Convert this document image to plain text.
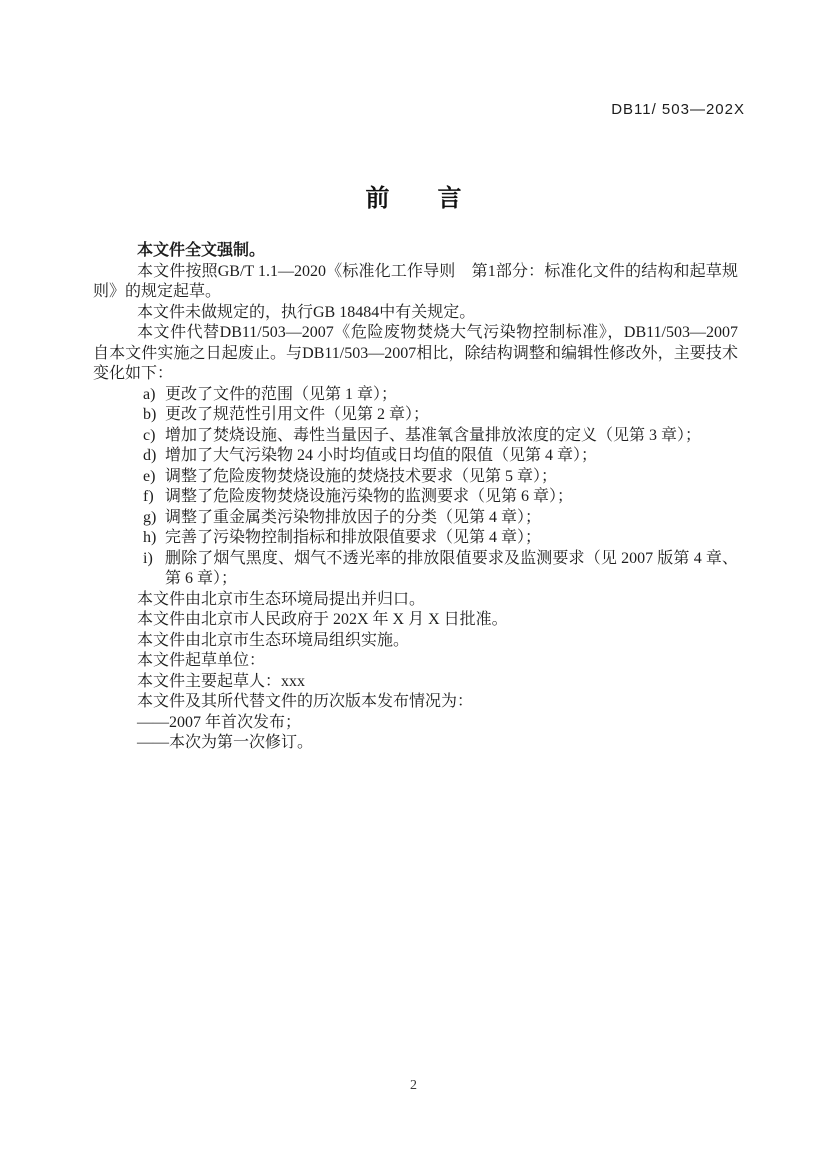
DB11/ 503—202X
前　　言

本文件全文强制。

本文件按照GB/T 1.1—2020《标准化工作导则　第1部分：标准化文件的结构和起草规则》的规定起草。

本文件未做规定的，执行GB 18484中有关规定。

本文件代替DB11/503—2007《危险废物焚烧大气污染物控制标准》，DB11/503—2007自本文件实施之日起废止。与DB11/503—2007相比，除结构调整和编辑性修改外，主要技术变化如下：

a) 更改了文件的范围（见第 1 章）；
b) 更改了规范性引用文件（见第 2 章）；
c) 增加了焚烧设施、毒性当量因子、基准氧含量排放浓度的定义（见第 3 章）；
d) 增加了大气污染物 24 小时均值或日均值的限值（见第 4 章）；
e) 调整了危险废物焚烧设施的焚烧技术要求（见第 5 章）；
f) 调整了危险废物焚烧设施污染物的监测要求（见第 6 章）；
g) 调整了重金属类污染物排放因子的分类（见第 4 章）；
h) 完善了污染物控制指标和排放限值要求（见第 4 章）；
i) 删除了烟气黑度、烟气不透光率的排放限值要求及监测要求（见 2007 版第 4 章、第 6 章）；

本文件由北京市生态环境局提出并归口。

本文件由北京市人民政府于 202X 年 X 月 X 日批准。

本文件由北京市生态环境局组织实施。

本文件起草单位：

本文件主要起草人：xxx

本文件及其所代替文件的历次版本发布情况为：

——2007 年首次发布；

——本次为第一次修订。

2
